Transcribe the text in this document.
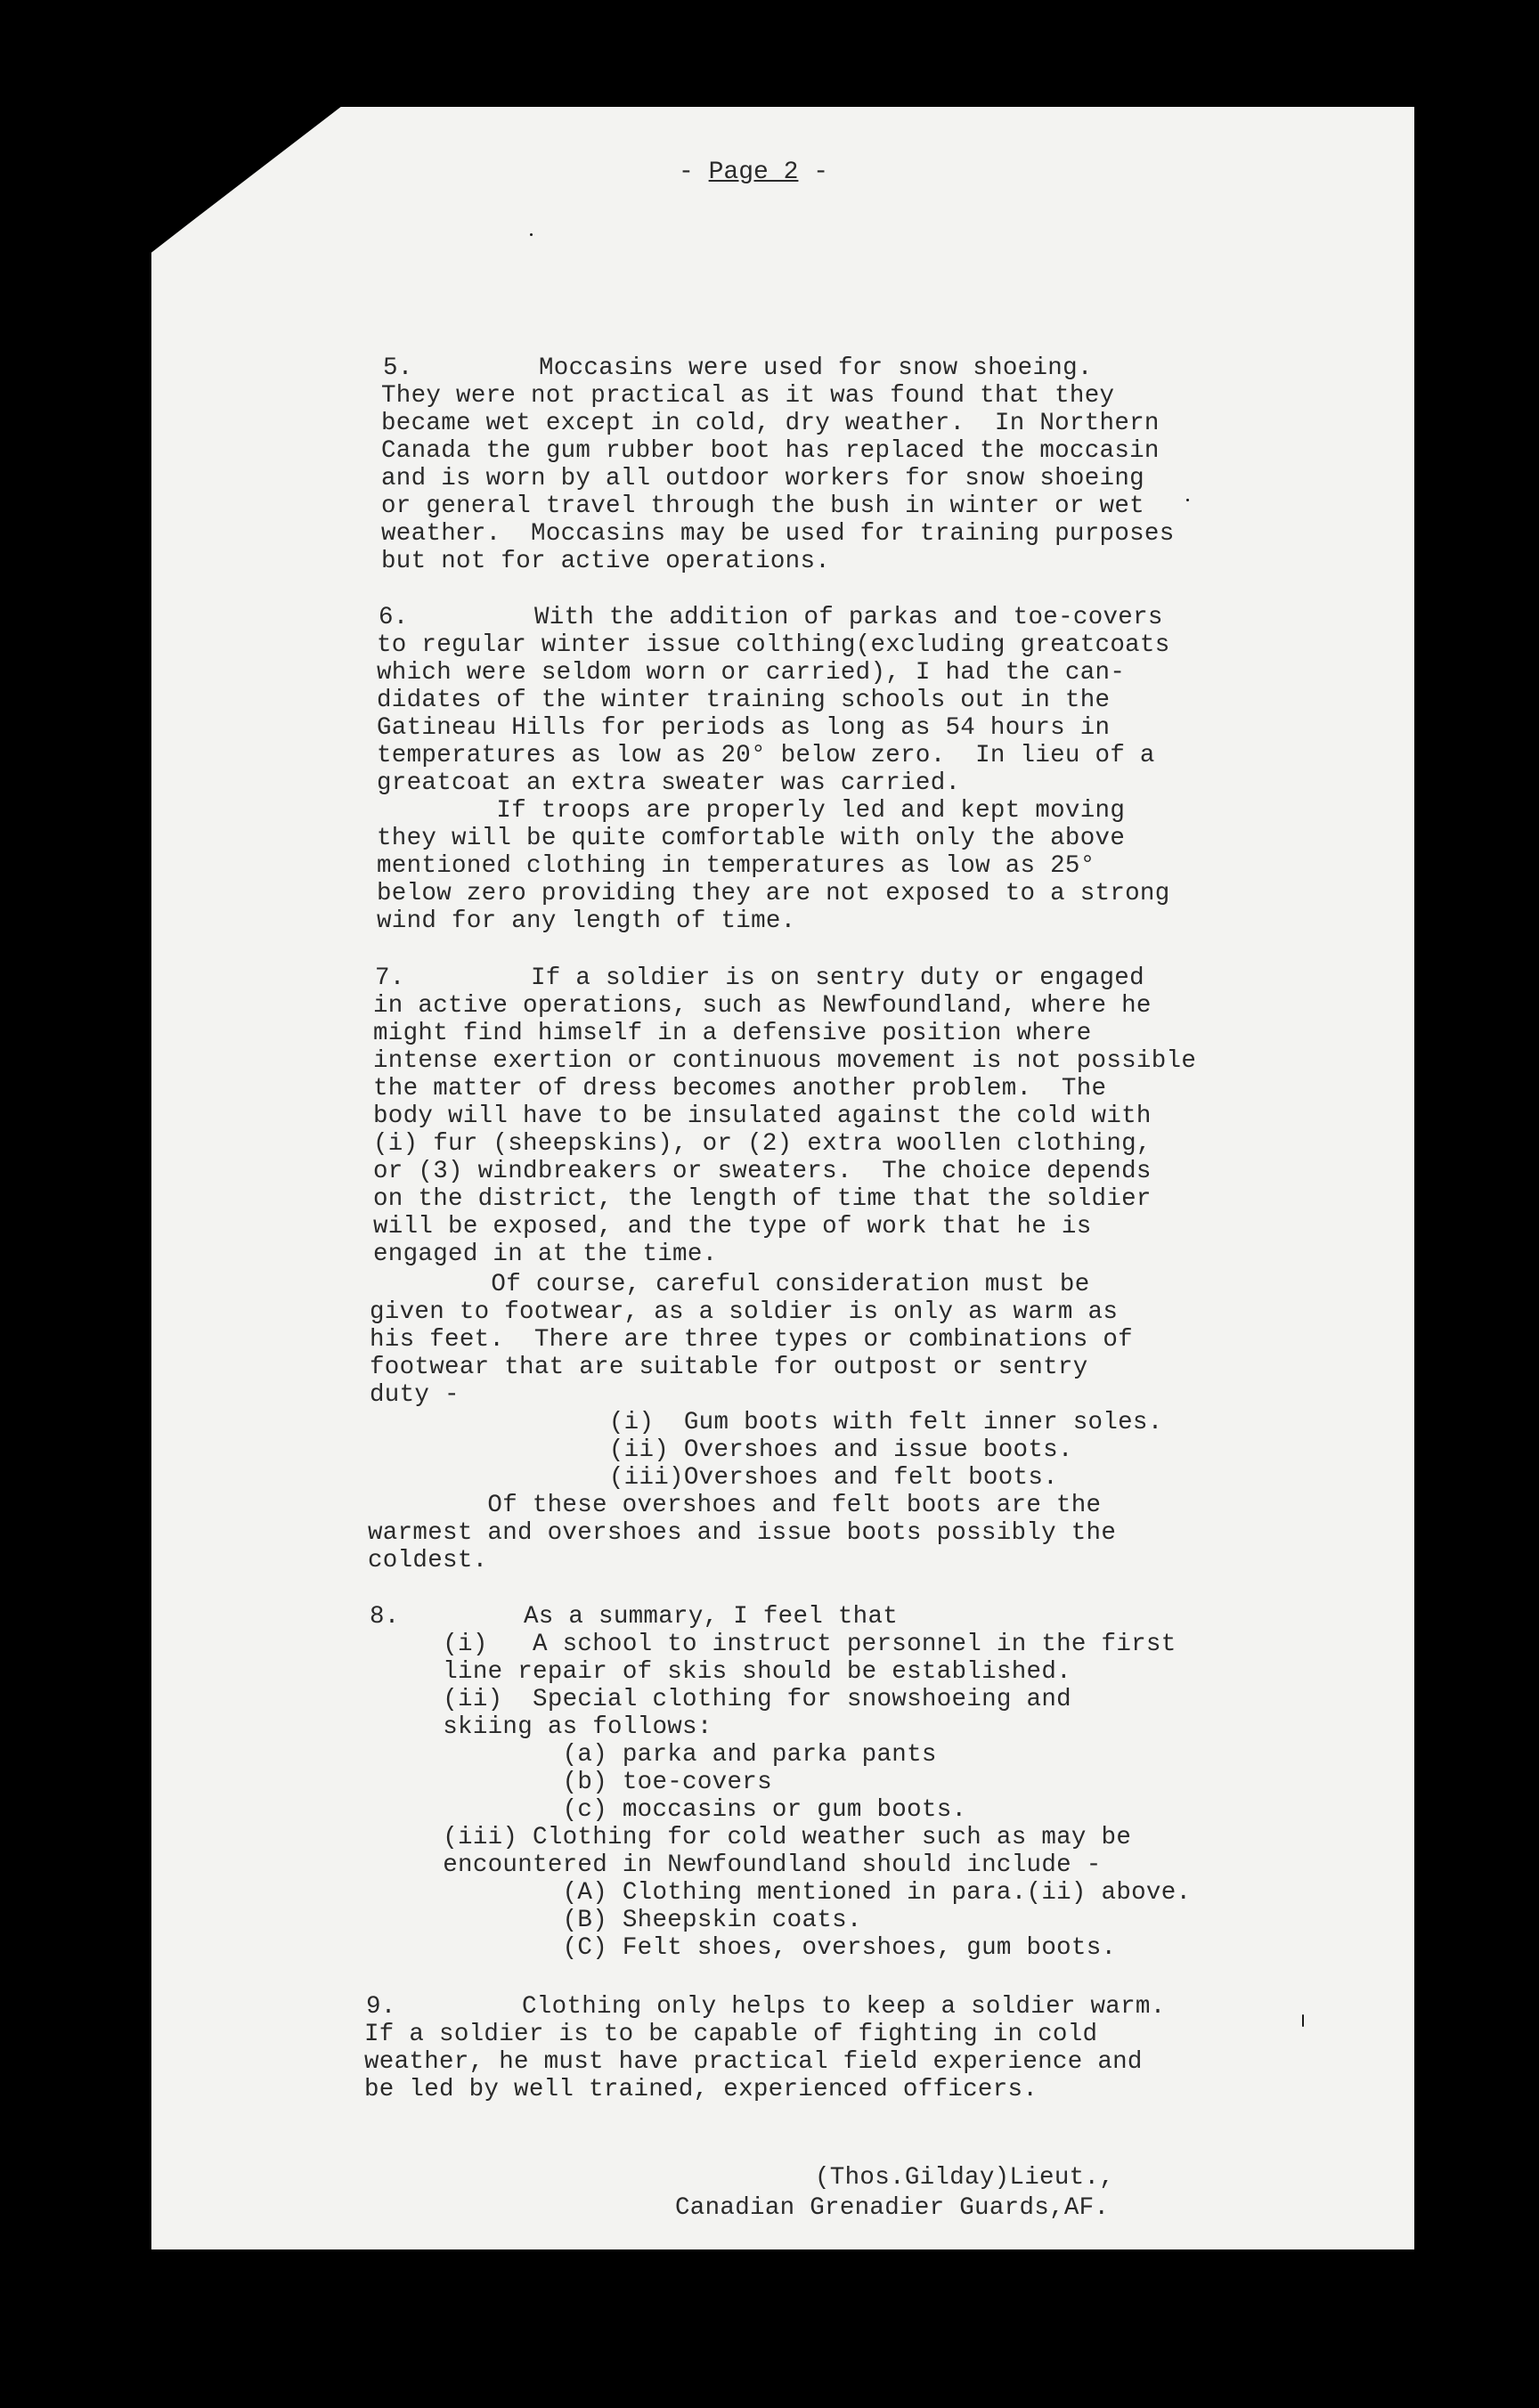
- Page 2 -
5.	Moccasins were used for snow shoeing.
They were not practical as it was found that they
became wet except in cold, dry weather.  In Northern
Canada the gum rubber boot has replaced the moccasin
and is worn by all outdoor workers for snow shoeing
or general travel through the bush in winter or wet
weather.  Moccasins may be used for training purposes
but not for active operations.
6.	With the addition of parkas and toe-covers
to regular winter issue colthing(excluding greatcoats
which were seldom worn or carried), I had the can-
didates of the winter training schools out in the
Gatineau Hills for periods as long as 54 hours in
temperatures as low as 20° below zero.  In lieu of a
greatcoat an extra sweater was carried.
If troops are properly led and kept moving
they will be quite comfortable with only the above
mentioned clothing in temperatures as low as 25°
below zero providing they are not exposed to a strong
wind for any length of time.
7.	If a soldier is on sentry duty or engaged
in active operations, such as Newfoundland, where he
might find himself in a defensive position where
intense exertion or continuous movement is not possible
the matter of dress becomes another problem.  The
body will have to be insulated against the cold with
(i) fur (sheepskins), or (2) extra woollen clothing,
or (3) windbreakers or sweaters.  The choice depends
on the district, the length of time that the soldier
will be exposed, and the type of work that he is
engaged in at the time.
Of course, careful consideration must be
given to footwear, as a soldier is only as warm as
his feet.  There are three types or combinations of
footwear that are suitable for outpost or sentry
duty -
(i)  Gum boots with felt inner soles.
(ii) Overshoes and issue boots.
(iii)Overshoes and felt boots.
Of these overshoes and felt boots are the
warmest and overshoes and issue boots possibly the
coldest.
8.	As a summary, I feel that
(i)   A school to instruct personnel in the first
line repair of skis should be established.
(ii)  Special clothing for snowshoeing and
skiing as follows:
(a) parka and parka pants
(b) toe-covers
(c) moccasins or gum boots.
(iii) Clothing for cold weather such as may be
encountered in Newfoundland should include -
(A) Clothing mentioned in para.(ii) above.
(B) Sheepskin coats.
(C) Felt shoes, overshoes, gum boots.
9.	Clothing only helps to keep a soldier warm.
If a soldier is to be capable of fighting in cold
weather, he must have practical field experience and
be led by well trained, experienced officers.
(Thos.Gilday)Lieut.,
Canadian Grenadier Guards,AF.
